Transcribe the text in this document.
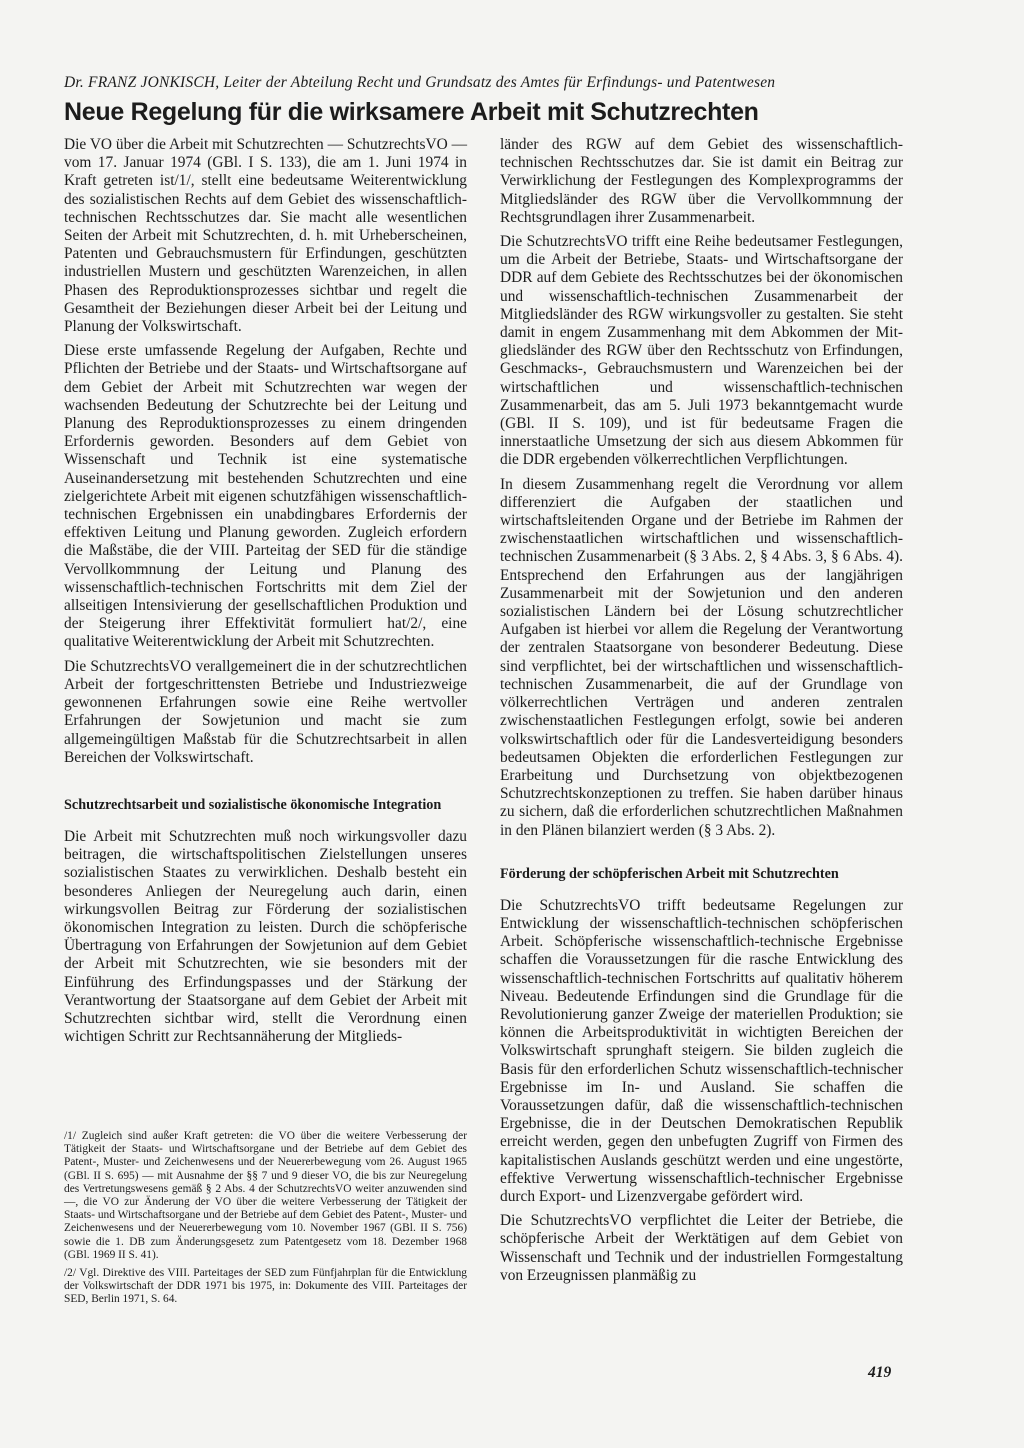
Dr. FRANZ JONKISCH, Leiter der Abteilung Recht und Grundsatz des Amtes für Erfindungs- und Patentwesen
Neue Regelung für die wirksamere Arbeit mit Schutzrechten

Die VO über die Arbeit mit Schutzrechten — SchutzrechtsVO — vom 17. Januar 1974 (GBl. I S. 133), die am 1. Juni 1974 in Kraft getreten ist/1/, stellt eine bedeutsame Weiterentwicklung des sozialistischen Rechts auf dem Gebiet des wissenschaftlich-technischen Rechtsschutzes dar. Sie macht alle wesentlichen Seiten der Arbeit mit Schutzrechten, d. h. mit Urheberscheinen, Patenten und Gebrauchsmustern für Erfindungen, geschützten industriellen Mustern und geschützten Warenzeichen, in allen Phasen des Reproduktionsprozesses sichtbar und regelt die Gesamtheit der Beziehungen dieser Arbeit bei der Leitung und Planung der Volkswirtschaft.

Diese erste umfassende Regelung der Aufgaben, Rechte und Pflichten der Betriebe und der Staats- und Wirtschaftsorgane auf dem Gebiet der Arbeit mit Schutzrechten war wegen der wachsenden Bedeutung der Schutzrechte bei der Leitung und Planung des Reproduktionsprozesses zu einem dringenden Erfordernis geworden. Besonders auf dem Gebiet von Wissenschaft und Technik ist eine systematische Auseinandersetzung mit bestehenden Schutzrechten und eine zielgerichtete Arbeit mit eigenen schutzfähigen wissenschaftlich-technischen Ergebnissen ein unabdingbares Erfordernis der effektiven Leitung und Planung geworden. Zugleich erfordern die Maßstäbe, die der VIII. Parteitag der SED für die ständige Vervollkommnung der Leitung und Planung des wissenschaftlich-technischen Fortschritts mit dem Ziel der allseitigen Intensivierung der gesellschaftlichen Produktion und der Steigerung ihrer Effektivität formuliert hat/2/, eine qualitative Weiterentwicklung der Arbeit mit Schutzrechten.

Die SchutzrechtsVO verallgemeinert die in der schutzrechtlichen Arbeit der fortgeschrittensten Betriebe und Industriezweige gewonnenen Erfahrungen sowie eine Reihe wertvoller Erfahrungen der Sowjetunion und macht sie zum allgemeingültigen Maßstab für die Schutzrechtsarbeit in allen Bereichen der Volkswirtschaft.

Schutzrechtsarbeit und sozialistische ökonomische Integration

Die Arbeit mit Schutzrechten muß noch wirkungsvoller dazu beitragen, die wirtschaftspolitischen Zielstellungen unseres sozialistischen Staates zu verwirklichen. Deshalb besteht ein besonderes Anliegen der Neuregelung auch darin, einen wirkungsvollen Beitrag zur Förderung der sozialistischen ökonomischen Integration zu leisten. Durch die schöpferische Übertragung von Erfahrungen der Sowjetunion auf dem Gebiet der Arbeit mit Schutzrechten, wie sie besonders mit der Einführung des Erfindungspasses und der Stärkung der Verantwortung der Staatsorgane auf dem Gebiet der Arbeit mit Schutzrechten sichtbar wird, stellt die Verordnung einen wichtigen Schritt zur Rechtsannäherung der Mitglieds-

/1/ Zugleich sind außer Kraft getreten: die VO über die weitere Verbesserung der Tätigkeit der Staats- und Wirtschaftsorgane und der Betriebe auf dem Gebiet des Patent-, Muster- und Zeichenwesens und der Neuererbewegung vom 26. August 1965 (GBl. II S. 695) — mit Ausnahme der §§ 7 und 9 dieser VO, die bis zur Neuregelung des Vertretungswesens gemäß § 2 Abs. 4 der SchutzrechtsVO weiter anzuwenden sind —, die VO zur Änderung der VO über die weitere Verbesserung der Tätigkeit der Staats- und Wirtschaftsorgane und der Betriebe auf dem Gebiet des Patent-, Muster- und Zeichenwesens und der Neuererbewegung vom 10. November 1967 (GBl. II S. 756) sowie die 1. DB zum Änderungsgesetz zum Patentgesetz vom 18. Dezember 1968 (GBl. 1969 II S. 41).

/2/ Vgl. Direktive des VIII. Parteitages der SED zum Fünfjahrplan für die Entwicklung der Volkswirtschaft der DDR 1971 bis 1975, in: Dokumente des VIII. Parteitages der SED, Berlin 1971, S. 64.

länder des RGW auf dem Gebiet des wissenschaftlich-technischen Rechtsschutzes dar. Sie ist damit ein Beitrag zur Verwirklichung der Festlegungen des Komplexprogramms der Mitgliedsländer des RGW über die Vervollkommnung der Rechtsgrundlagen ihrer Zusammenarbeit.

Die SchutzrechtsVO trifft eine Reihe bedeutsamer Festlegungen, um die Arbeit der Betriebe, Staats- und Wirtschaftsorgane der DDR auf dem Gebiete des Rechtsschutzes bei der ökonomischen und wissenschaftlich-technischen Zusammenarbeit der Mitgliedsländer des RGW wirkungsvoller zu gestalten. Sie steht damit in engem Zusammenhang mit dem Abkommen der Mitgliedsländer des RGW über den Rechtsschutz von Erfindungen, Geschmacks-, Gebrauchsmustern und Warenzeichen bei der wirtschaftlichen und wissenschaftlich-technischen Zusammenarbeit, das am 5. Juli 1973 bekanntgemacht wurde (GBl. II S. 109), und ist für bedeutsame Fragen die innerstaatliche Umsetzung der sich aus diesem Abkommen für die DDR ergebenden völkerrechtlichen Verpflichtungen.

In diesem Zusammenhang regelt die Verordnung vor allem differenziert die Aufgaben der staatlichen und wirtschaftsleitenden Organe und der Betriebe im Rahmen der zwischenstaatlichen wirtschaftlichen und wissenschaftlich-technischen Zusammenarbeit (§ 3 Abs. 2, § 4 Abs. 3, § 6 Abs. 4). Entsprechend den Erfahrungen aus der langjährigen Zusammenarbeit mit der Sowjetunion und den anderen sozialistischen Ländern bei der Lösung schutzrechtlicher Aufgaben ist hierbei vor allem die Regelung der Verantwortung der zentralen Staatsorgane von besonderer Bedeutung. Diese sind verpflichtet, bei der wirtschaftlichen und wissenschaftlich-technischen Zusammenarbeit, die auf der Grundlage von völkerrechtlichen Verträgen und anderen zentralen zwischenstaatlichen Festlegungen erfolgt, sowie bei anderen volkswirtschaftlich oder für die Landesverteidigung besonders bedeutsamen Objekten die erforderlichen Festlegungen zur Erarbeitung und Durchsetzung von objektbezogenen Schutzrechtskonzeptionen zu treffen. Sie haben darüber hinaus zu sichern, daß die erforderlichen schutzrechtlichen Maßnahmen in den Plänen bilanziert werden (§ 3 Abs. 2).

Förderung der schöpferischen Arbeit mit Schutzrechten

Die SchutzrechtsVO trifft bedeutsame Regelungen zur Entwicklung der wissenschaftlich-technischen schöpferischen Arbeit. Schöpferische wissenschaftlich-technische Ergebnisse schaffen die Voraussetzungen für die rasche Entwicklung des wissenschaftlich-technischen Fortschritts auf qualitativ höherem Niveau. Bedeutende Erfindungen sind die Grundlage für die Revolutionierung ganzer Zweige der materiellen Produktion; sie können die Arbeitsproduktivität in wichtigten Bereichen der Volkswirtschaft sprunghaft steigern. Sie bilden zugleich die Basis für den erforderlichen Schutz wissenschaftlich-technischer Ergebnisse im In- und Ausland. Sie schaffen die Voraussetzungen dafür, daß die wissenschaftlich-technischen Ergebnisse, die in der Deutschen Demokratischen Republik erreicht werden, gegen den unbefugten Zugriff von Firmen des kapitalistischen Auslands geschützt werden und eine ungestörte, effektive Verwertung wissenschaftlich-technischer Ergebnisse durch Export- und Lizenzvergabe gefördert wird.

Die SchutzrechtsVO verpflichtet die Leiter der Betriebe, die schöpferische Arbeit der Werktätigen auf dem Gebiet von Wissenschaft und Technik und der industriellen Formgestaltung von Erzeugnissen planmäßig zu

419
